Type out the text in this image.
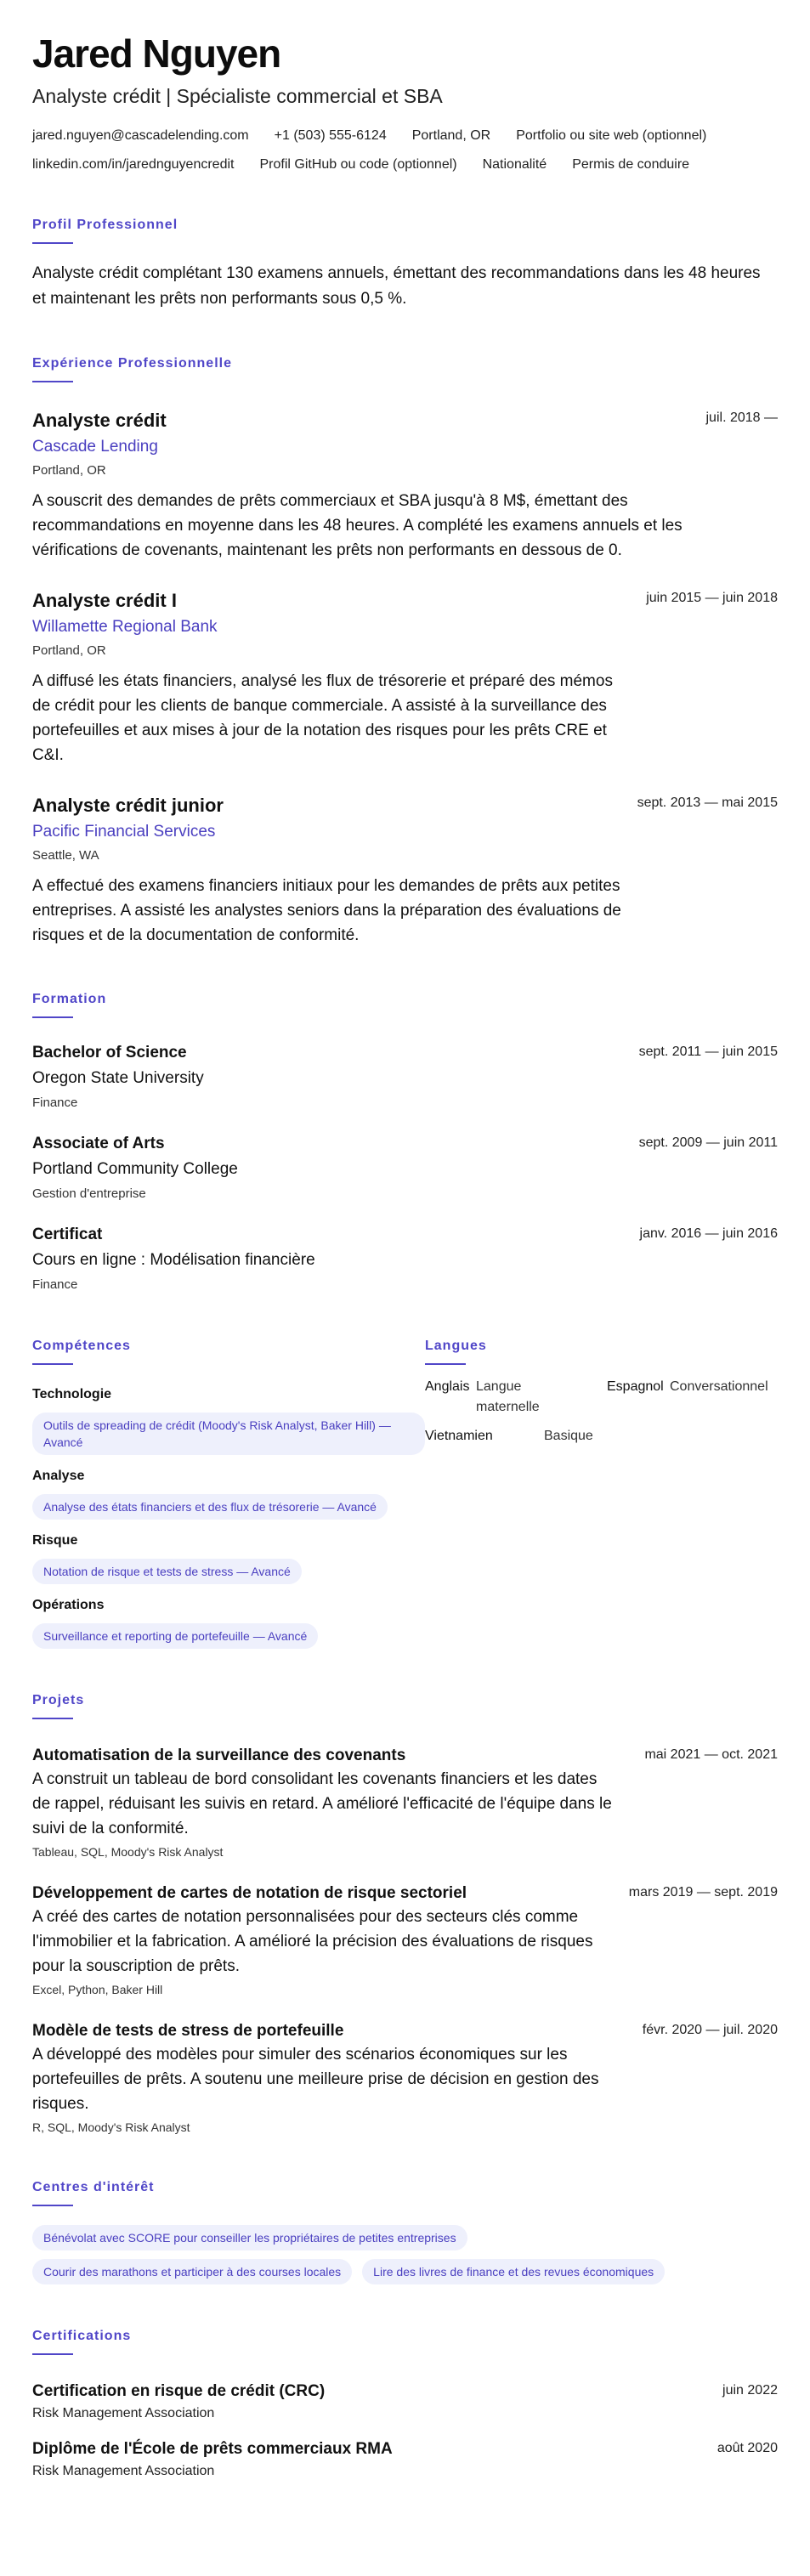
Jared Nguyen
Analyste crédit | Spécialiste commercial et SBA
jared.nguyen@cascadelending.com +1 (503) 555-6124 Portland, OR Portfolio ou site web (optionnel)
linkedin.com/in/jarednguyencredit Profil GitHub ou code (optionnel) Nationalité Permis de conduire
Profil Professionnel

Analyste crédit complétant 130 examens annuels, émettant des recommandations dans les 48 heures et maintenant les prêts non performants sous 0,5 %.

Expérience Professionnelle
Analyste crédit	juil. 2018 —
Cascade Lending
Portland, OR

A souscrit des demandes de prêts commerciaux et SBA jusqu'à 8 M$, émettant des recommandations en moyenne dans les 48 heures. A complété les examens annuels et les vérifications de covenants, maintenant les prêts non performants en dessous de 0.

Analyste crédit I	juin 2015 — juin 2018
Willamette Regional Bank
Portland, OR

A diffusé les états financiers, analysé les flux de trésorerie et préparé des mémos de crédit pour les clients de banque commerciale. A assisté à la surveillance des portefeuilles et aux mises à jour de la notation des risques pour les prêts CRE et C&I.

Analyste crédit junior	sept. 2013 — mai 2015
Pacific Financial Services
Seattle, WA

A effectué des examens financiers initiaux pour les demandes de prêts aux petites entreprises. A assisté les analystes seniors dans la préparation des évaluations de risques et de la documentation de conformité.

Formation
Bachelor of Science	sept. 2011 — juin 2015
Oregon State University
Finance
Associate of Arts	sept. 2009 — juin 2011
Portland Community College
Gestion d'entreprise
Certificat	janv. 2016 — juin 2016
Cours en ligne : Modélisation financière
Finance
Compétences
Technologie
Outils de spreading de crédit (Moody's Risk Analyst, Baker Hill) — Avancé
Analyse
Analyse des états financiers et des flux de trésorerie — Avancé
Risque
Notation de risque et tests de stress — Avancé
Opérations
Surveillance et reporting de portefeuille — Avancé
Langues
Anglais Langue maternelle
Espagnol Conversationnel
Vietnamien	Basique
Projets
Automatisation de la surveillance des covenants	mai 2021 — oct. 2021

A construit un tableau de bord consolidant les covenants financiers et les dates de rappel, réduisant les suivis en retard. A amélioré l'efficacité de l'équipe dans le suivi de la conformité.

Tableau, SQL, Moody's Risk Analyst
Développement de cartes de notation de risque sectoriel	mars 2019 — sept. 2019

A créé des cartes de notation personnalisées pour des secteurs clés comme l'immobilier et la fabrication. A amélioré la précision des évaluations de risques pour la souscription de prêts.

Excel, Python, Baker Hill
Modèle de tests de stress de portefeuille	févr. 2020 — juil. 2020

A développé des modèles pour simuler des scénarios économiques sur les portefeuilles de prêts. A soutenu une meilleure prise de décision en gestion des risques.

R, SQL, Moody's Risk Analyst
Centres d'intérêt
Bénévolat avec SCORE pour conseiller les propriétaires de petites entreprises
Courir des marathons et participer à des courses locales	Lire des livres de finance et des revues économiques
Certifications
Certification en risque de crédit (CRC)	juin 2022
Risk Management Association
Diplôme de l'École de prêts commerciaux RMA	août 2020
Risk Management Association
